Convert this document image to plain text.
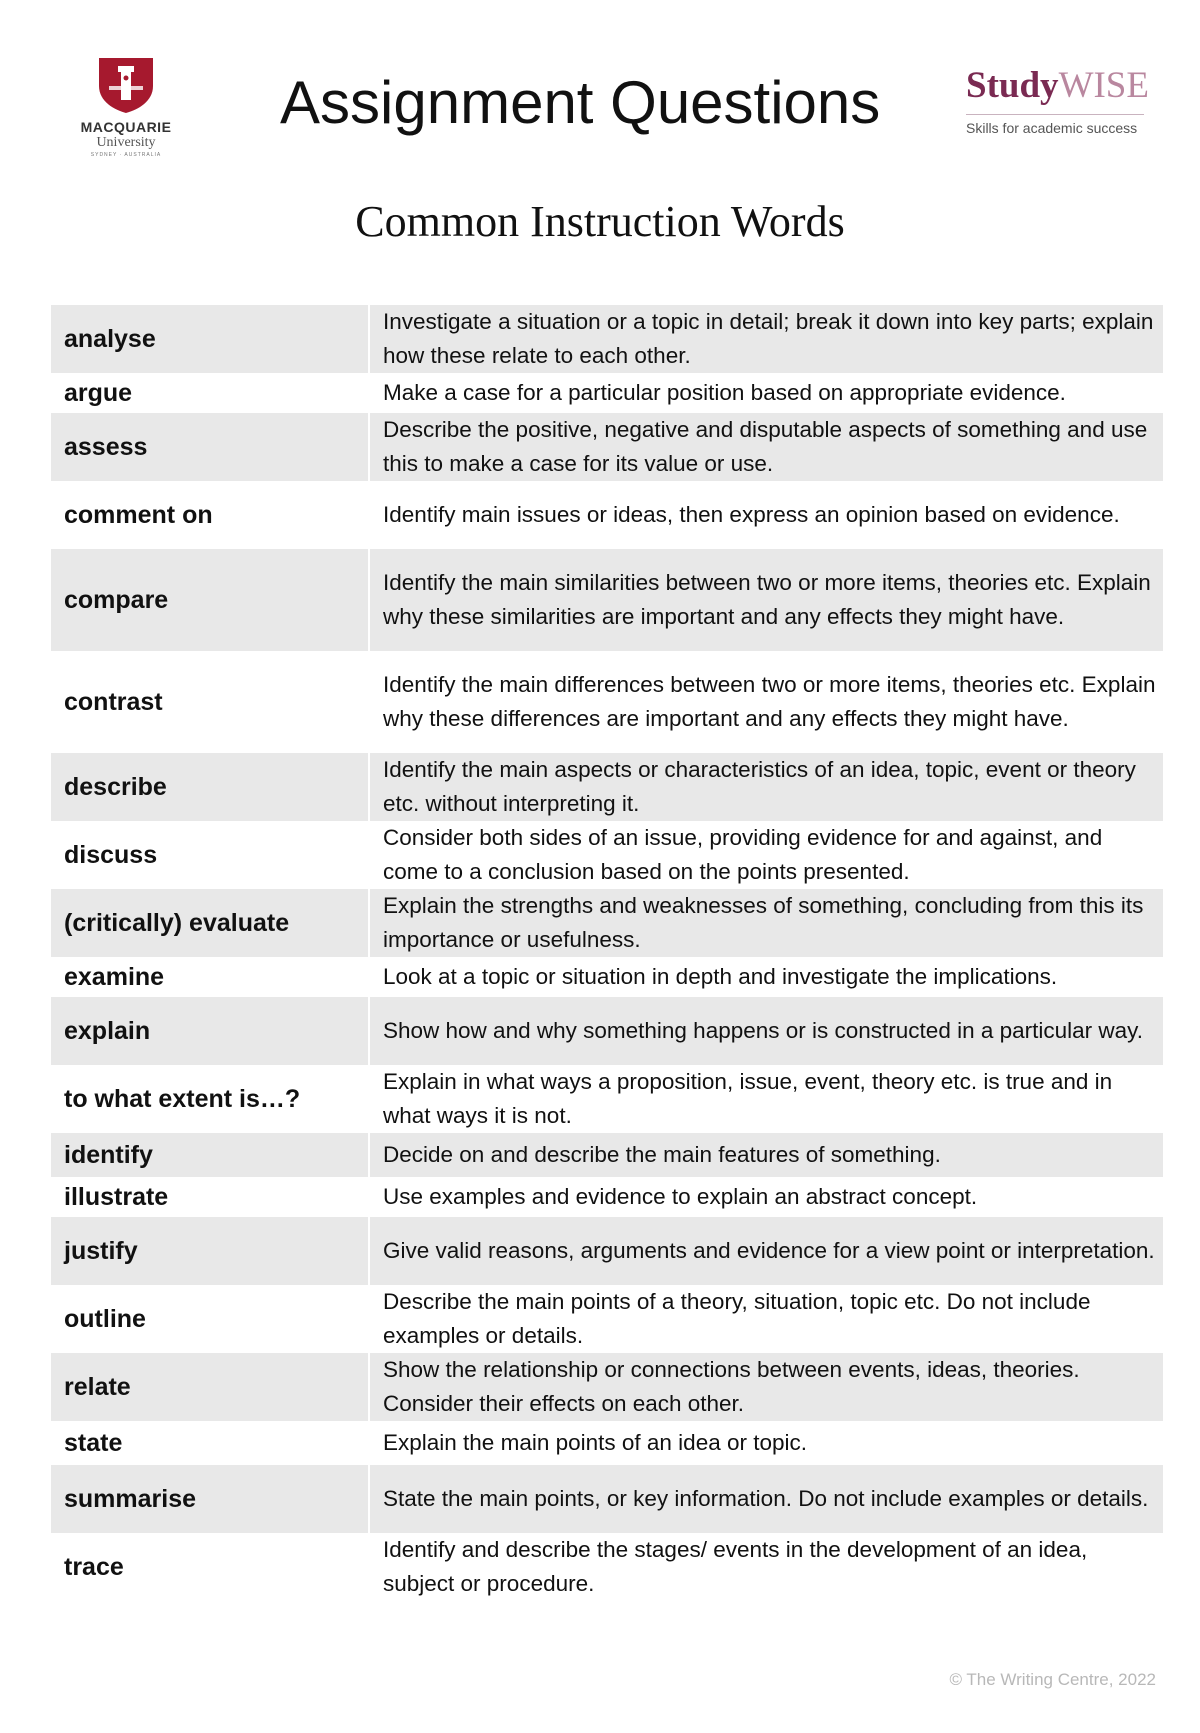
MACQUARIE
University
SYDNEY · AUSTRALIA
Assignment Questions	StudyWISE
Skills for academic success
Common Instruction Words
analyse	Investigate a situation or a topic in detail; break it down into key parts; explain how these relate to each other.
argue	Make a case for a particular position based on appropriate evidence.
assess	Describe the positive, negative and disputable aspects of something and use this to make a case for its value or use.
comment on	Identify main issues or ideas, then express an opinion based on evidence.
compare	Identify the main similarities between two or more items, theories etc. Explain why these similarities are important and any effects they might have.
contrast	Identify the main differences between two or more items, theories etc. Explain why these differences are important and any effects they might have.
describe	Identify the main aspects or characteristics of an idea, topic, event or theory etc. without interpreting it.
discuss	Consider both sides of an issue, providing evidence for and against, and come to a conclusion based on the points presented.
(critically) evaluate	Explain the strengths and weaknesses of something, concluding from this its importance or usefulness.
examine	Look at a topic or situation in depth and investigate the implications.
explain	Show how and why something happens or is constructed in a particular way.
to what extent is…?	Explain in what ways a proposition, issue, event, theory etc. is true and in what ways it is not.
identify	Decide on and describe the main features of something.
illustrate	Use examples and evidence to explain an abstract concept.
justify	Give valid reasons, arguments and evidence for a view point or interpretation.
outline	Describe the main points of a theory, situation, topic etc. Do not include examples or details.
relate	Show the relationship or connections between events, ideas, theories. Consider their effects on each other.
state	Explain the main points of an idea or topic.
summarise	State the main points, or key information. Do not include examples or details.
trace	Identify and describe the stages/ events in the development of an idea, subject or procedure.
© The Writing Centre, 2022
